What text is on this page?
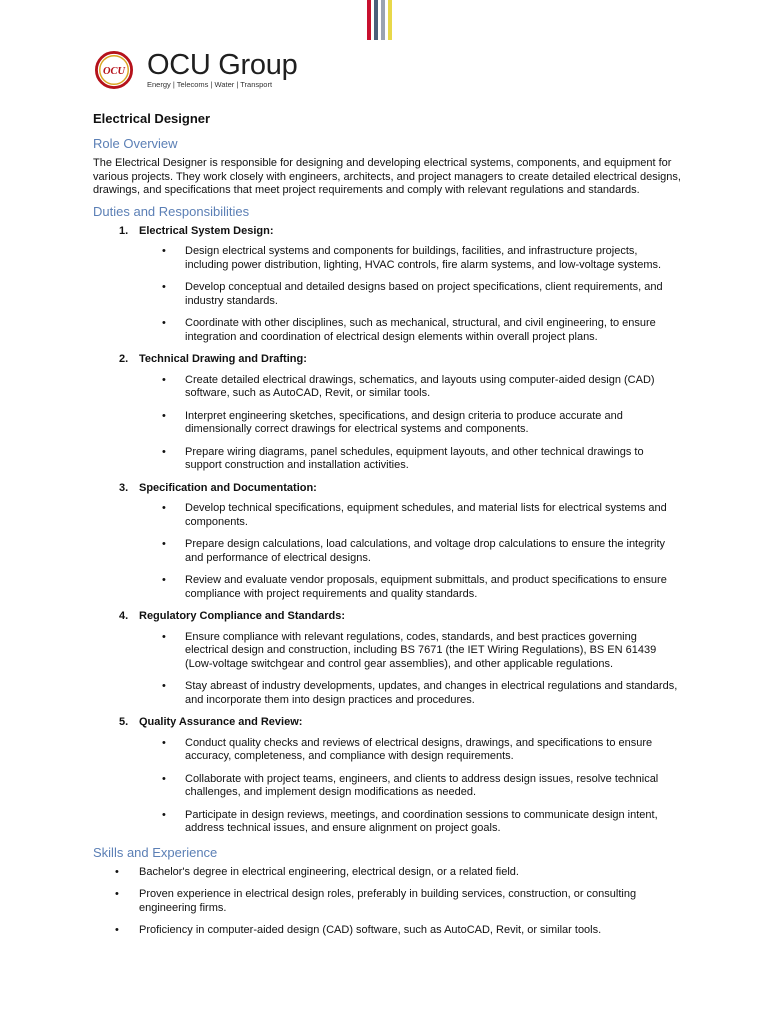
OCU OCU Group
Energy | Telecoms | Water | Transport
Electrical Designer
Role Overview
The Electrical Designer is responsible for designing and developing electrical systems, components, and equipment for various projects. They work closely with engineers, architects, and project managers to create detailed electrical designs, drawings, and specifications that meet project requirements and comply with relevant regulations and standards.
Duties and Responsibilities
1. Electrical System Design:
•
Design electrical systems and components for buildings, facilities, and infrastructure projects, including power distribution, lighting, HVAC controls, fire alarm systems, and low-voltage systems.
•
Develop conceptual and detailed designs based on project specifications, client requirements, and industry standards.
•
Coordinate with other disciplines, such as mechanical, structural, and civil engineering, to ensure integration and coordination of electrical design elements within overall project plans.
2. Technical Drawing and Drafting:
•
Create detailed electrical drawings, schematics, and layouts using computer-aided design (CAD) software, such as AutoCAD, Revit, or similar tools.
•
Interpret engineering sketches, specifications, and design criteria to produce accurate and dimensionally correct drawings for electrical systems and components.
•
Prepare wiring diagrams, panel schedules, equipment layouts, and other technical drawings to support construction and installation activities.
3. Specification and Documentation:
•
Develop technical specifications, equipment schedules, and material lists for electrical systems and components.
•
Prepare design calculations, load calculations, and voltage drop calculations to ensure the integrity and performance of electrical designs.
•
Review and evaluate vendor proposals, equipment submittals, and product specifications to ensure compliance with project requirements and quality standards.
4. Regulatory Compliance and Standards:
•
Ensure compliance with relevant regulations, codes, standards, and best practices governing electrical design and construction, including BS 7671 (the IET Wiring Regulations), BS EN 61439 (Low-voltage switchgear and control gear assemblies), and other applicable regulations.
•
Stay abreast of industry developments, updates, and changes in electrical regulations and standards, and incorporate them into design practices and procedures.
5. Quality Assurance and Review:
•
Conduct quality checks and reviews of electrical designs, drawings, and specifications to ensure accuracy, completeness, and compliance with design requirements.
•
Collaborate with project teams, engineers, and clients to address design issues, resolve technical challenges, and implement design modifications as needed.
•
Participate in design reviews, meetings, and coordination sessions to communicate design intent, address technical issues, and ensure alignment on project goals.
Skills and Experience
•
Bachelor's degree in electrical engineering, electrical design, or a related field.
•
Proven experience in electrical design roles, preferably in building services, construction, or consulting engineering firms.
•
Proficiency in computer-aided design (CAD) software, such as AutoCAD, Revit, or similar tools.
